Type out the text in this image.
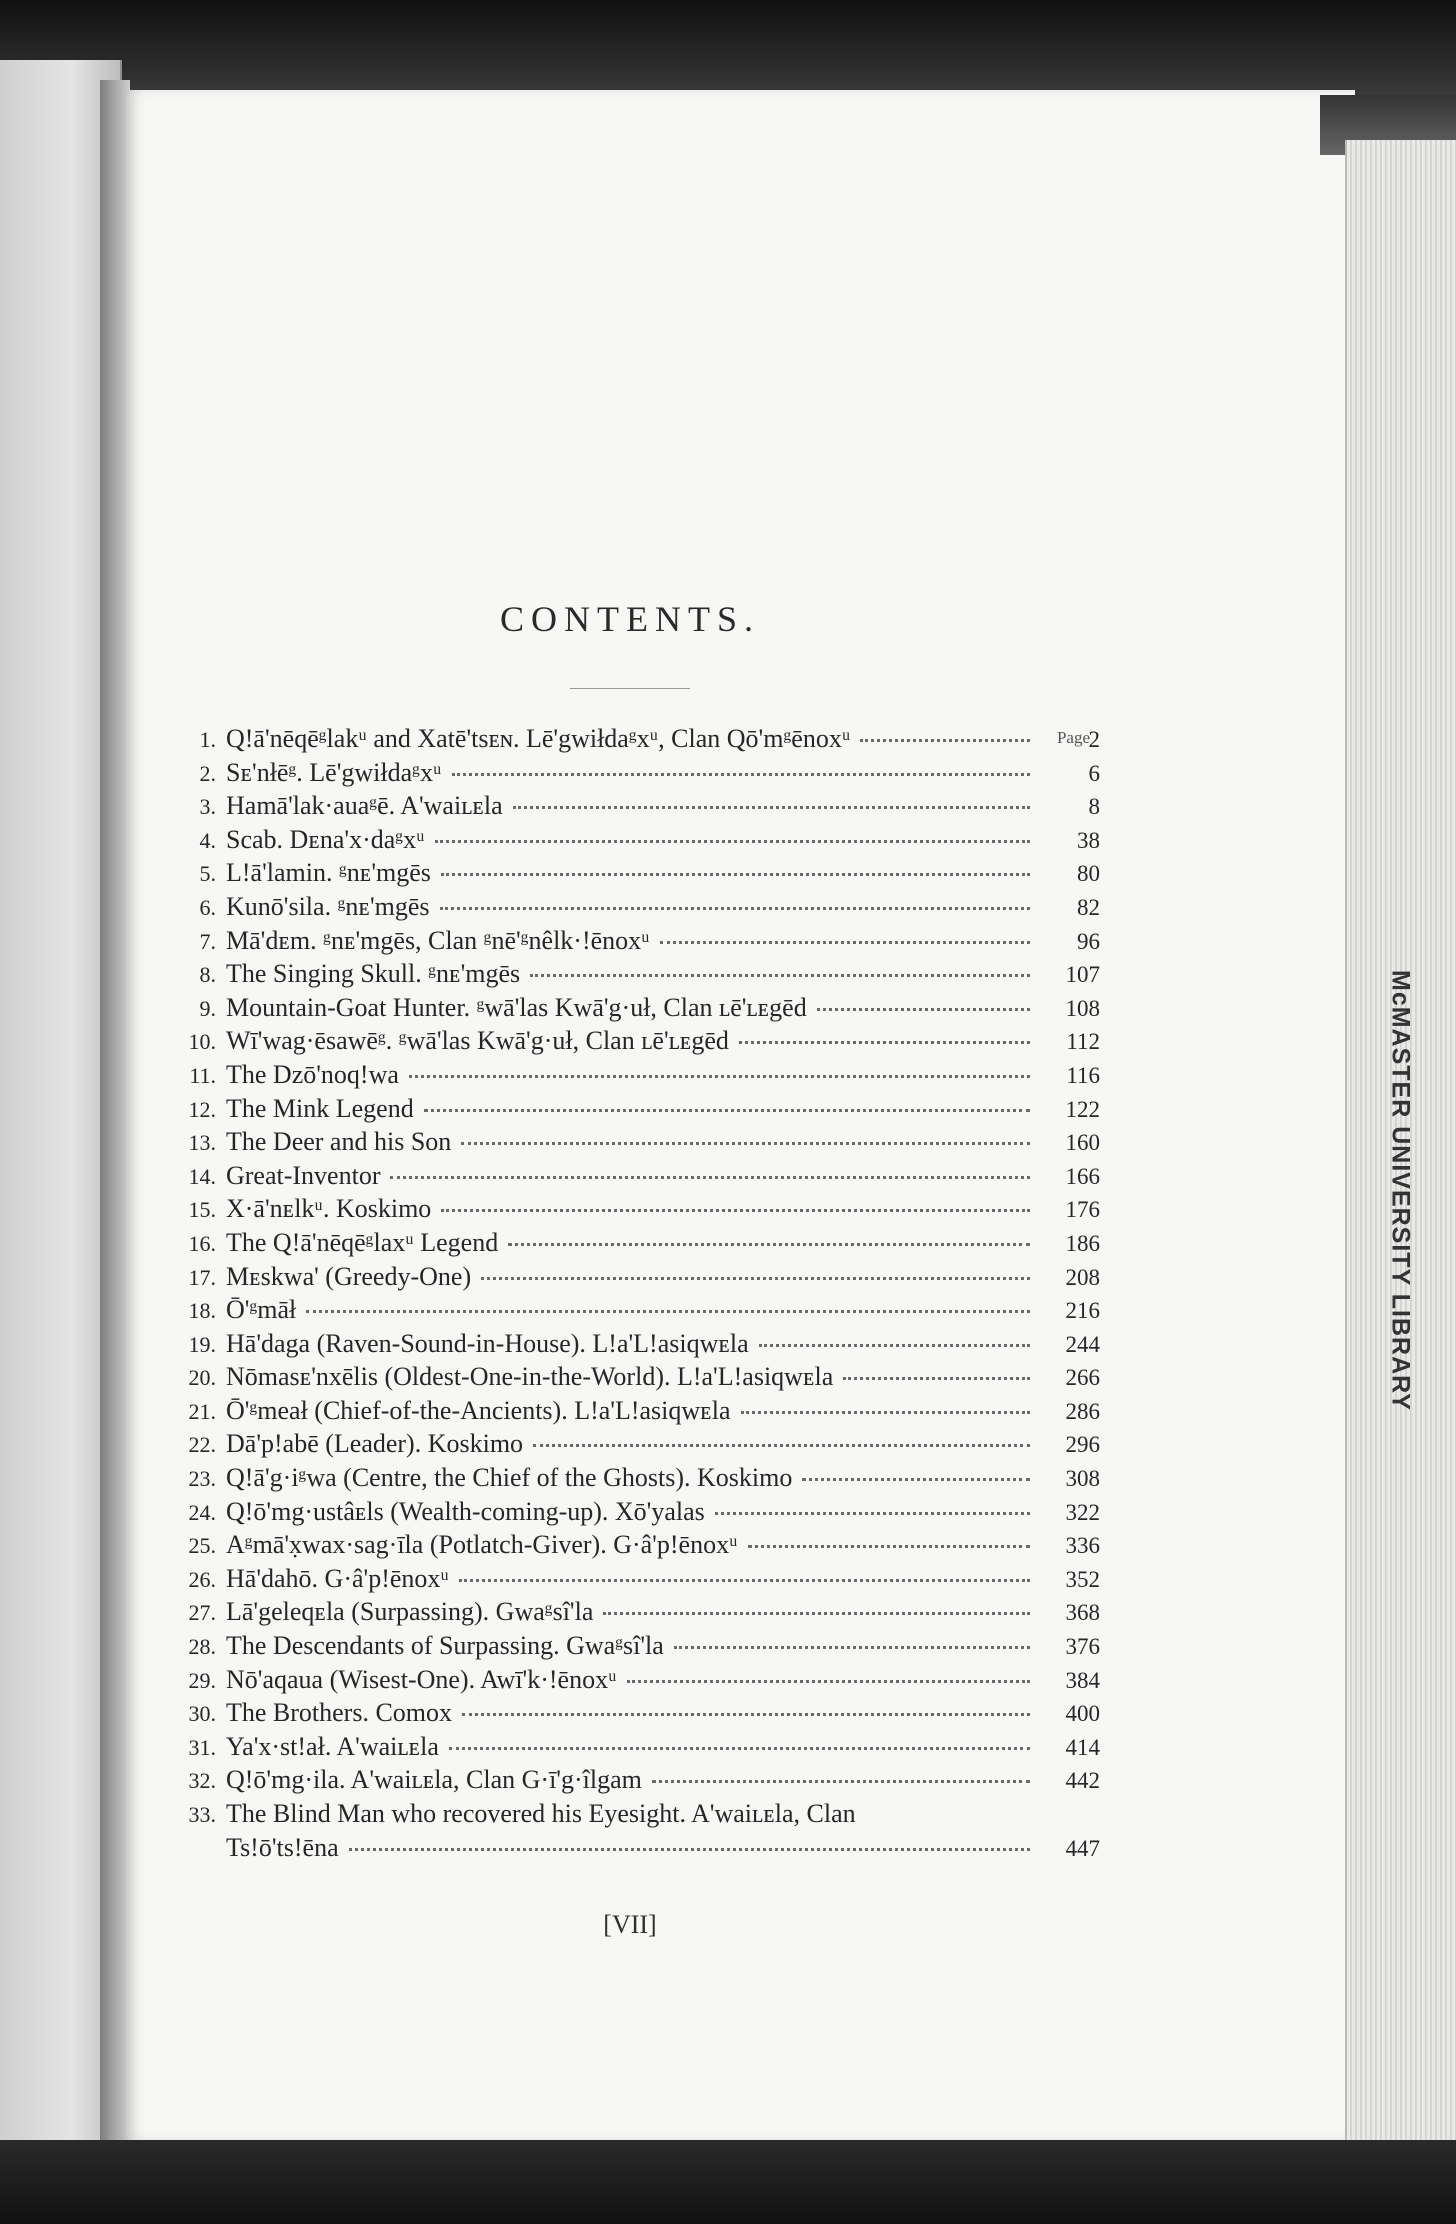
McMASTER UNIVERSITY LIBRARY
CONTENTS.
Page
1. Q!ā'nēqēᵍlakᵘ and Xatē'tsᴇɴ. Lē'gwiłdaᵍxᵘ, Clan Qō'mᵍēnoxᵘ	2
2. Sᴇ'nłēᵍ. Lē'gwiłdaᵍxᵘ	6
3. Hamā'lak·auaᵍē. A'waiʟᴇla	8
4. Scab. Dᴇna'x·daᵍxᵘ	38
5. L!ā'lamin. ᵍnᴇ'mgēs	80
6. Kunō'sila. ᵍnᴇ'mgēs	82
7. Mā'dᴇm. ᵍnᴇ'mgēs, Clan ᵍnē'ᵍnêlk·!ēnoxᵘ	96
8. The Singing Skull. ᵍnᴇ'mgēs	107
9. Mountain-Goat Hunter. ᵍwā'las Kwā'g·uł, Clan ʟē'ʟᴇgēd	108
10. Wī'wag·ēsawēᵍ. ᵍwā'las Kwā'g·uł, Clan ʟē'ʟᴇgēd	112
11. The Dzō'noq!wa	116
12. The Mink Legend	122
13. The Deer and his Son	160
14. Great-Inventor	166
15. X·ā'nᴇlkᵘ. Koskimo	176
16. The Q!ā'nēqēᵍlaxᵘ Legend	186
17. Mᴇskwa' (Greedy-One)	208
18. Ō'ᵍmāł	216
19. Hā'daga (Raven-Sound-in-House). L!a'L!asiqwᴇla	244
20. Nōmasᴇ'nxēlis (Oldest-One-in-the-World). L!a'L!asiqwᴇla	266
21. Ō'ᵍmeał (Chief-of-the-Ancients). L!a'L!asiqwᴇla	286
22. Dā'p!abē (Leader). Koskimo	296
23. Q!ā'g·iᵍwa (Centre, the Chief of the Ghosts). Koskimo	308
24. Q!ō'mg·ustâᴇls (Wealth-coming-up). Xō'yalas	322
25. Aᵍmā'x̣wax·sag·īla (Potlatch-Giver). G·â'p!ēnoxᵘ	336
26. Hā'dahō. G·â'p!ēnoxᵘ	352
27. Lā'geleqᴇla (Surpassing). Gwaᵍsî'la	368
28. The Descendants of Surpassing. Gwaᵍsî'la	376
29. Nō'aqaua (Wisest-One). Awī'k·!ēnoxᵘ	384
30. The Brothers. Comox	400
31. Ya'x·st!ał. A'waiʟᴇla	414
32. Q!ō'mg·ila. A'waiʟᴇla, Clan G·ī'g·îlgam	442
33. The Blind Man who recovered his Eyesight. A'waiʟᴇla, Clan
Ts!ō'ts!ēna	447
[VII]
